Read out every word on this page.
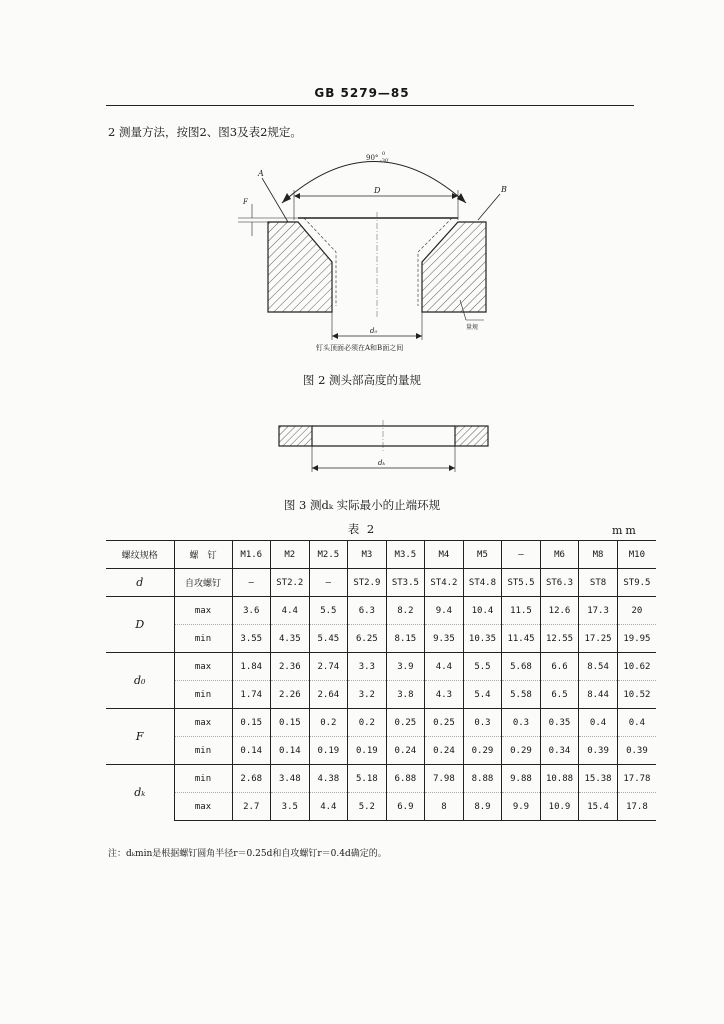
GB 5279—85
2 测量方法，按图2、图3及表2规定。
90° 0
-30′
D
A
B
F
d₀	量规
钉头顶面必须在A和B面之间
图 2 测头部高度的量规
dₖ
图 3 测dₖ 实际最小的止端环规
表 2	mm
螺纹规格	螺　钉	M1.6	M2	M2.5	M3	M3.5	M4	M5	—	M6	M8	M10
d	自攻螺钉	—	ST2.2	—	ST2.9	ST3.5	ST4.2	ST4.8	ST5.5	ST6.3	ST8	ST9.5
D	max	3.6	4.4	5.5	6.3	8.2	9.4	10.4	11.5	12.6	17.3	20
	min	3.55	4.35	5.45	6.25	8.15	9.35	10.35	11.45	12.55	17.25	19.95
d₀	max	1.84	2.36	2.74	3.3	3.9	4.4	5.5	5.68	6.6	8.54	10.62
	min	1.74	2.26	2.64	3.2	3.8	4.3	5.4	5.58	6.5	8.44	10.52
F	max	0.15	0.15	0.2	0.2	0.25	0.25	0.3	0.3	0.35	0.4	0.4
	min	0.14	0.14	0.19	0.19	0.24	0.24	0.29	0.29	0.34	0.39	0.39
dₖ	min	2.68	3.48	4.38	5.18	6.88	7.98	8.88	9.88	10.88	15.38	17.78
	max	2.7	3.5	4.4	5.2	6.9	8	8.9	9.9	10.9	15.4	17.8
注：dₖmin是根据螺钉圆角半径r＝0.25d和自攻螺钉r＝0.4d确定的。
